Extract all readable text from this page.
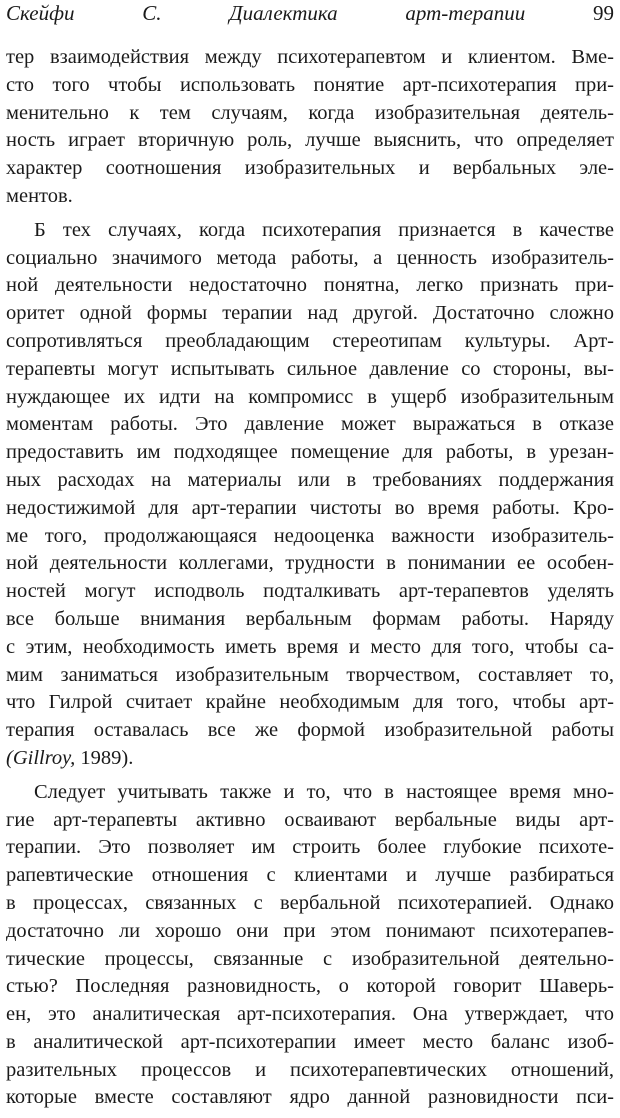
Скейфи	С.	Диалектика	арт-терапии	99
тер взаимодействия между психотерапевтом и клиентом. Вме-
сто того чтобы использовать понятие арт-психотерапия при-
менительно к тем случаям, когда изобразительная деятель-
ность играет вторичную роль, лучше выяснить, что определяет
характер соотношения изобразительных и вербальных эле-
ментов.
Б тех случаях, когда психотерапия признается в качестве
социально значимого метода работы, а ценность изобразитель-
ной деятельности недостаточно понятна, легко признать при-
оритет одной формы терапии над другой. Достаточно сложно
сопротивляться преобладающим стереотипам культуры. Арт-
терапевты могут испытывать сильное давление со стороны, вы-
нуждающее их идти на компромисс в ущерб изобразительным
моментам работы. Это давление может выражаться в отказе
предоставить им подходящее помещение для работы, в урезан-
ных расходах на материалы или в требованиях поддержания
недостижимой для арт-терапии чистоты во время работы. Кро-
ме того, продолжающаяся недооценка важности изобразитель-
ной деятельности коллегами, трудности в понимании ее особен-
ностей могут исподволь подталкивать арт-терапевтов уделять
все больше внимания вербальным формам работы. Наряду
с этим, необходимость иметь время и место для того, чтобы са-
мим заниматься изобразительным творчеством, составляет то,
что Гилрой считает крайне необходимым для того, чтобы арт-
терапия оставалась все же формой изобразительной работы
(Gillroy, 1989).
Следует учитывать также и то, что в настоящее время мно-
гие арт-терапевты активно осваивают вербальные виды арт-
терапии. Это позволяет им строить более глубокие психоте-
рапевтические отношения с клиентами и лучше разбираться
в процессах, связанных с вербальной психотерапией. Однако
достаточно ли хорошо они при этом понимают психотерапев-
тические процессы, связанные с изобразительной деятельно-
стью? Последняя разновидность, о которой говорит Шаверь-
ен, это аналитическая арт-психотерапия. Она утверждает, что
в аналитической арт-психотерапии имеет место баланс изоб-
разительных процессов и психотерапевтических отношений,
которые вместе составляют ядро данной разновидности пси-
